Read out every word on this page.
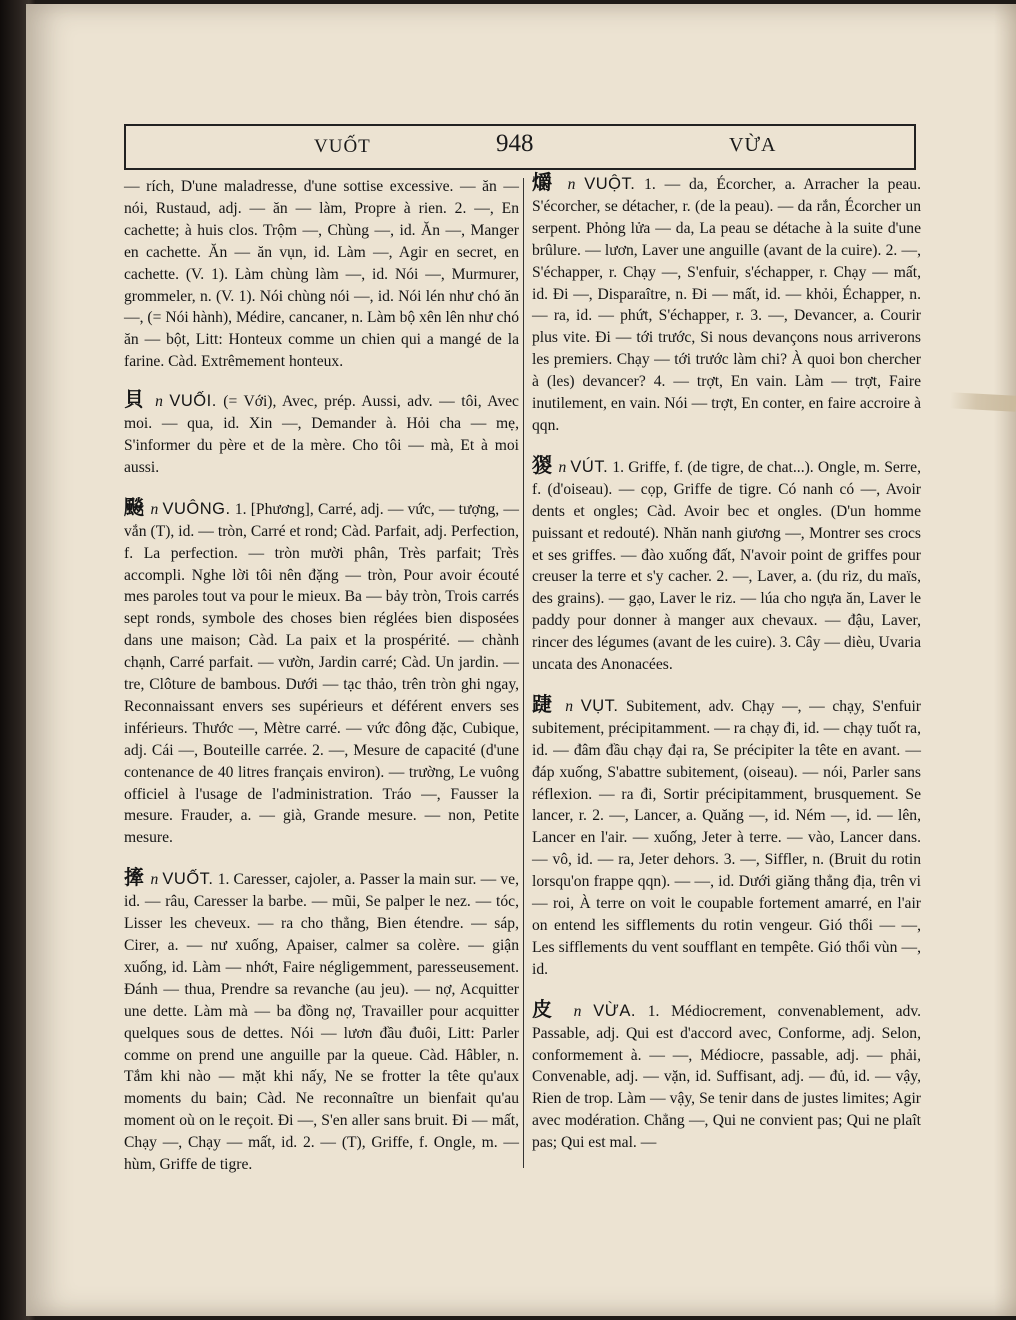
VUỐT	948	VỪA

— rích, D'une maladresse, d'une sottise excessive. — ăn — nói, Rustaud, adj. — ăn — làm, Propre à rien. 2. —, En cachette; à huis clos. Trộm —, Chùng —, id. Ăn —, Manger en cachette. Ăn — ăn vụn, id. Làm —, Agir en secret, en cachette. (V. 1). Làm chùng làm —, id. Nói —, Murmurer, grommeler, n. (V. 1). Nói chùng nói —, id. Nói lén như chó ăn —, (= Nói hành), Médire, cancaner, n. Làm bộ xên lên như chó ăn — bột, Litt: Honteux comme un chien qui a mangé de la farine. Càd. Extrêmement honteux.

貝 n VUỐI. (= Với), Avec, prép. Aussi, adv. — tôi, Avec moi. — qua, id. Xin —, Demander à. Hỏi cha — mẹ, S'informer du père et de la mère. Cho tôi — mà, Et à moi aussi.

飈 n VUÔNG. 1. [Phương], Carré, adj. — vức, — tượng, — vắn (T), id. — tròn, Carré et rond; Càd. Parfait, adj. Perfection, f. La perfection. — tròn mười phân, Très parfait; Très accompli. Nghe lời tôi nên đặng — tròn, Pour avoir écouté mes paroles tout va pour le mieux. Ba — bảy tròn, Trois carrés sept ronds, symbole des choses bien réglées bien disposées dans une maison; Càd. La paix et la prospérité. — chành chạnh, Carré parfait. — vườn, Jardin carré; Càd. Un jardin. — tre, Clôture de bambous. Dưới — tạc thảo, trên tròn ghi ngay, Reconnaissant envers ses supérieurs et déférent envers ses inférieurs. Thước —, Mètre carré. — vức đông đặc, Cubique, adj. Cái —, Bouteille carrée. 2. —, Mesure de capacité (d'une contenance de 40 litres français environ). — trường, Le vuông officiel à l'usage de l'administration. Tráo —, Fausser la mesure. Frauder, a. — già, Grande mesure. — non, Petite mesure.

撁 n VUỐT. 1. Caresser, cajoler, a. Passer la main sur. — ve, id. — râu, Caresser la barbe. — mũi, Se palper le nez. — tóc, Lisser les cheveux. — ra cho thẳng, Bien étendre. — sáp, Cirer, a. — nư xuống, Apaiser, calmer sa colère. — giận xuống, id. Làm — nhớt, Faire négligemment, paresseusement. Đánh — thua, Prendre sa revanche (au jeu). — nợ, Acquitter une dette. Làm mà — ba đồng nợ, Travailler pour acquitter quelques sous de dettes. Nói — lươn đầu đuôi, Litt: Parler comme on prend une anguille par la queue. Càd. Hâbler, n. Tắm khi nào — mặt khi nấy, Ne se frotter la tête qu'aux moments du bain; Càd. Ne reconnaître un bienfait qu'au moment où on le reçoit. Đi —, S'en aller sans bruit. Đi — mất, Chạy —, Chạy — mất, id. 2. — (T), Griffe, f. Ongle, m. — hùm, Griffe de tigre.

爝 n VUỘT. 1. — da, Écorcher, a. Arracher la peau. S'écorcher, se détacher, r. (de la peau). — da rắn, Écorcher un serpent. Phỏng lửa — da, La peau se détache à la suite d'une brûlure. — lươn, Laver une anguille (avant de la cuire). 2. —, S'échapper, r. Chạy —, S'enfuir, s'échapper, r. Chạy — mất, id. Đi —, Disparaître, n. Đi — mất, id. — khỏi, Échapper, n. — ra, id. — phứt, S'échapper, r. 3. —, Devancer, a. Courir plus vite. Đi — tới trước, Si nous devançons nous arriverons les premiers. Chạy — tới trước làm chi? À quoi bon chercher à (les) devancer? 4. — trợt, En vain. Làm — trợt, Faire inutilement, en vain. Nói — trợt, En conter, en faire accroire à qqn.

猣 n VÚT. 1. Griffe, f. (de tigre, de chat...). Ongle, m. Serre, f. (d'oiseau). — cọp, Griffe de tigre. Có nanh có —, Avoir dents et ongles; Càd. Avoir bec et ongles. (D'un homme puissant et redouté). Nhăn nanh giương —, Montrer ses crocs et ses griffes. — đào xuống đất, N'avoir point de griffes pour creuser la terre et s'y cacher. 2. —, Laver, a. (du riz, du maïs, des grains). — gạo, Laver le riz. — lúa cho ngựa ăn, Laver le paddy pour donner à manger aux chevaux. — đậu, Laver, rincer des légumes (avant de les cuire). 3. Cây — dièu, Uvaria uncata des Anonacées.

踕 n VỤT. Subitement, adv. Chạy —, — chạy, S'enfuir subitement, précipitamment. — ra chạy đi, id. — chạy tuốt ra, id. — đâm đầu chạy đại ra, Se précipiter la tête en avant. — đáp xuống, S'abattre subitement, (oiseau). — nói, Parler sans réflexion. — ra đi, Sortir précipitamment, brusquement. Se lancer, r. 2. —, Lancer, a. Quăng —, id. Ném —, id. — lên, Lancer en l'air. — xuống, Jeter à terre. — vào, Lancer dans. — vô, id. — ra, Jeter dehors. 3. —, Siffler, n. (Bruit du rotin lorsqu'on frappe qqn). — —, id. Dưới giăng thẳng địa, trên vi — roi, À terre on voit le coupable fortement amarré, en l'air on entend les sifflements du rotin vengeur. Gió thổi — —, Les sifflements du vent soufflant en tempête. Gió thổi vùn —, id.

皮 n VỪA. 1. Médiocrement, convenablement, adv. Passable, adj. Qui est d'accord avec, Conforme, adj. Selon, conformement à. — —, Médiocre, passable, adj. — phải, Convenable, adj. — vặn, id. Suffisant, adj. — đủ, id. — vậy, Rien de trop. Làm — vậy, Se tenir dans de justes limites; Agir avec modération. Chẳng —, Qui ne convient pas; Qui ne plaît pas; Qui est mal. —
